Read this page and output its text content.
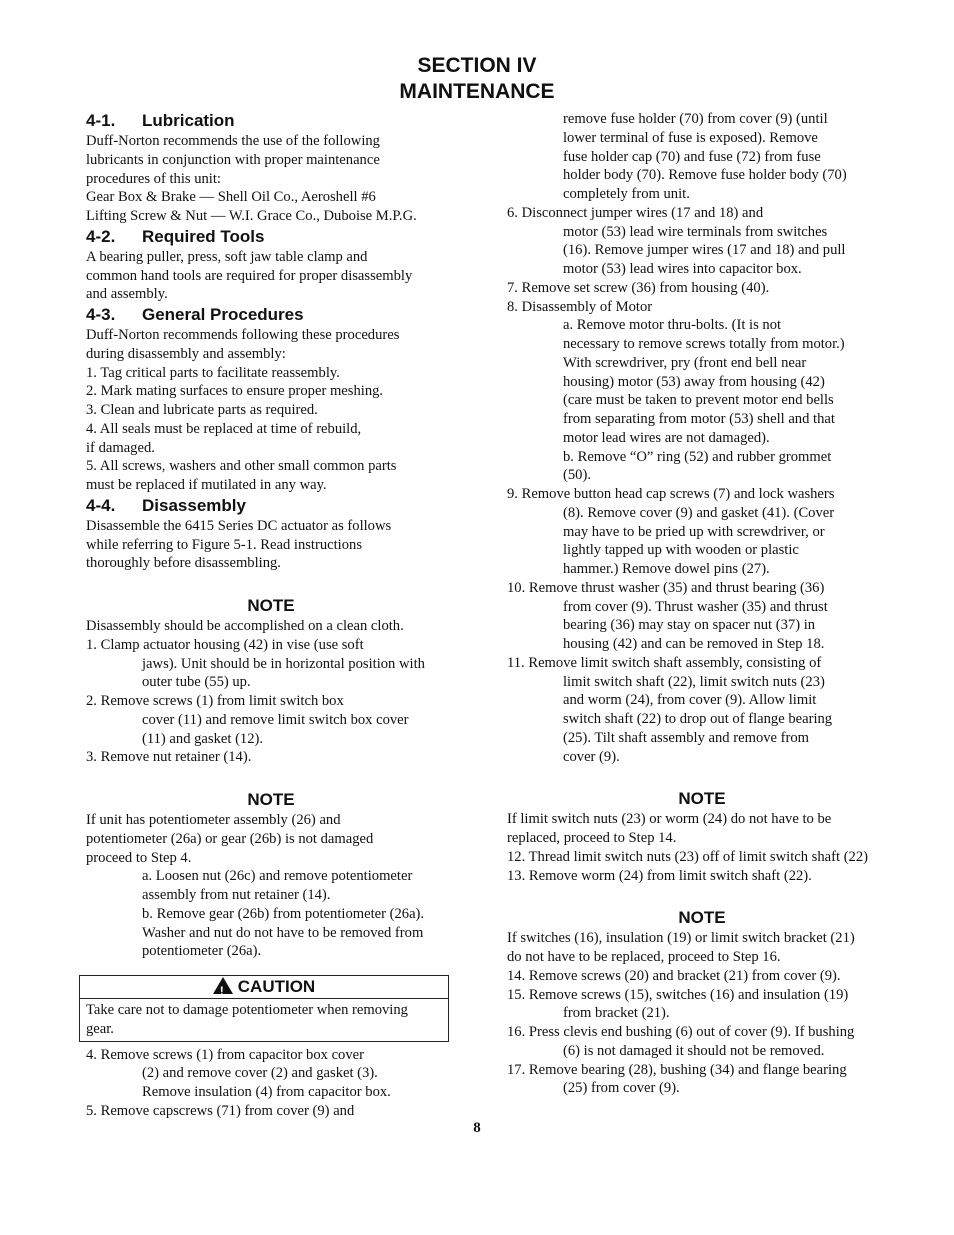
SECTION IV
MAINTENANCE
4-1. Lubrication
Duff-Norton recommends the use of the following
lubricants in conjunction with proper maintenance
procedures of this unit:
Gear Box & Brake — Shell Oil Co., Aeroshell #6
Lifting Screw & Nut — W.I. Grace Co., Duboise M.P.G.
4-2. Required Tools
A bearing puller, press, soft jaw table clamp and
common hand tools are required for proper disassembly
and assembly.
4-3. General Procedures
Duff-Norton recommends following these procedures
during disassembly and assembly:
1. Tag critical parts to facilitate reassembly.
2. Mark mating surfaces to ensure proper meshing.
3. Clean and lubricate parts as required.
4. All seals must be replaced at time of rebuild,
if damaged.
5. All screws, washers and other small common parts
must be replaced if mutilated in any way.
4-4. Disassembly
Disassemble the 6415 Series DC actuator as follows
while referring to Figure 5-1. Read instructions
thoroughly before disassembling.
NOTE
Disassembly should be accomplished on a clean cloth.
1. Clamp actuator housing (42) in vise (use soft
jaws). Unit should be in horizontal position with
outer tube (55) up.
2. Remove screws (1) from limit switch box
cover (11) and remove limit switch box cover
(11) and gasket (12).
3. Remove nut retainer (14).
NOTE
If unit has potentiometer assembly (26) and
potentiometer (26a) or gear (26b) is not damaged
proceed to Step 4.
a. Loosen nut (26c) and remove potentiometer
assembly from nut retainer (14).
b. Remove gear (26b) from potentiometer (26a).
Washer and nut do not have to be removed from
potentiometer (26a).
!CAUTION
Take care not to damage potentiometer when removing
gear.
4. Remove screws (1) from capacitor box cover
(2) and remove cover (2) and gasket (3).
Remove insulation (4) from capacitor box.
5. Remove capscrews (71) from cover (9) and
remove fuse holder (70) from cover (9) (until
lower terminal of fuse is exposed). Remove
fuse holder cap (70) and fuse (72) from fuse
holder body (70). Remove fuse holder body (70)
completely from unit.
6. Disconnect jumper wires (17 and 18) and
motor (53) lead wire terminals from switches
(16). Remove jumper wires (17 and 18) and pull
motor (53) lead wires into capacitor box.
7. Remove set screw (36) from housing (40).
8. Disassembly of Motor
a. Remove motor thru-bolts. (It is not
necessary to remove screws totally from motor.)
With screwdriver, pry (front end bell near
housing) motor (53) away from housing (42)
(care must be taken to prevent motor end bells
from separating from motor (53) shell and that
motor lead wires are not damaged).
b. Remove “O” ring (52) and rubber grommet
(50).
9. Remove button head cap screws (7) and lock washers
(8). Remove cover (9) and gasket (41). (Cover
may have to be pried up with screwdriver, or
lightly tapped up with wooden or plastic
hammer.) Remove dowel pins (27).
10. Remove thrust washer (35) and thrust bearing (36)
from cover (9). Thrust washer (35) and thrust
bearing (36) may stay on spacer nut (37) in
housing (42) and can be removed in Step 18.
11. Remove limit switch shaft assembly, consisting of
limit switch shaft (22), limit switch nuts (23)
and worm (24), from cover (9). Allow limit
switch shaft (22) to drop out of flange bearing
(25). Tilt shaft assembly and remove from
cover (9).
NOTE
If limit switch nuts (23) or worm (24) do not have to be
replaced, proceed to Step 14.
12. Thread limit switch nuts (23) off of limit switch shaft (22)
13. Remove worm (24) from limit switch shaft (22).
NOTE
If switches (16), insulation (19) or limit switch bracket (21)
do not have to be replaced, proceed to Step 16.
14. Remove screws (20) and bracket (21) from cover (9).
15. Remove screws (15), switches (16) and insulation (19)
from bracket (21).
16. Press clevis end bushing (6) out of cover (9). If bushing
(6) is not damaged it should not be removed.
17. Remove bearing (28), bushing (34) and flange bearing
(25) from cover (9).
8
